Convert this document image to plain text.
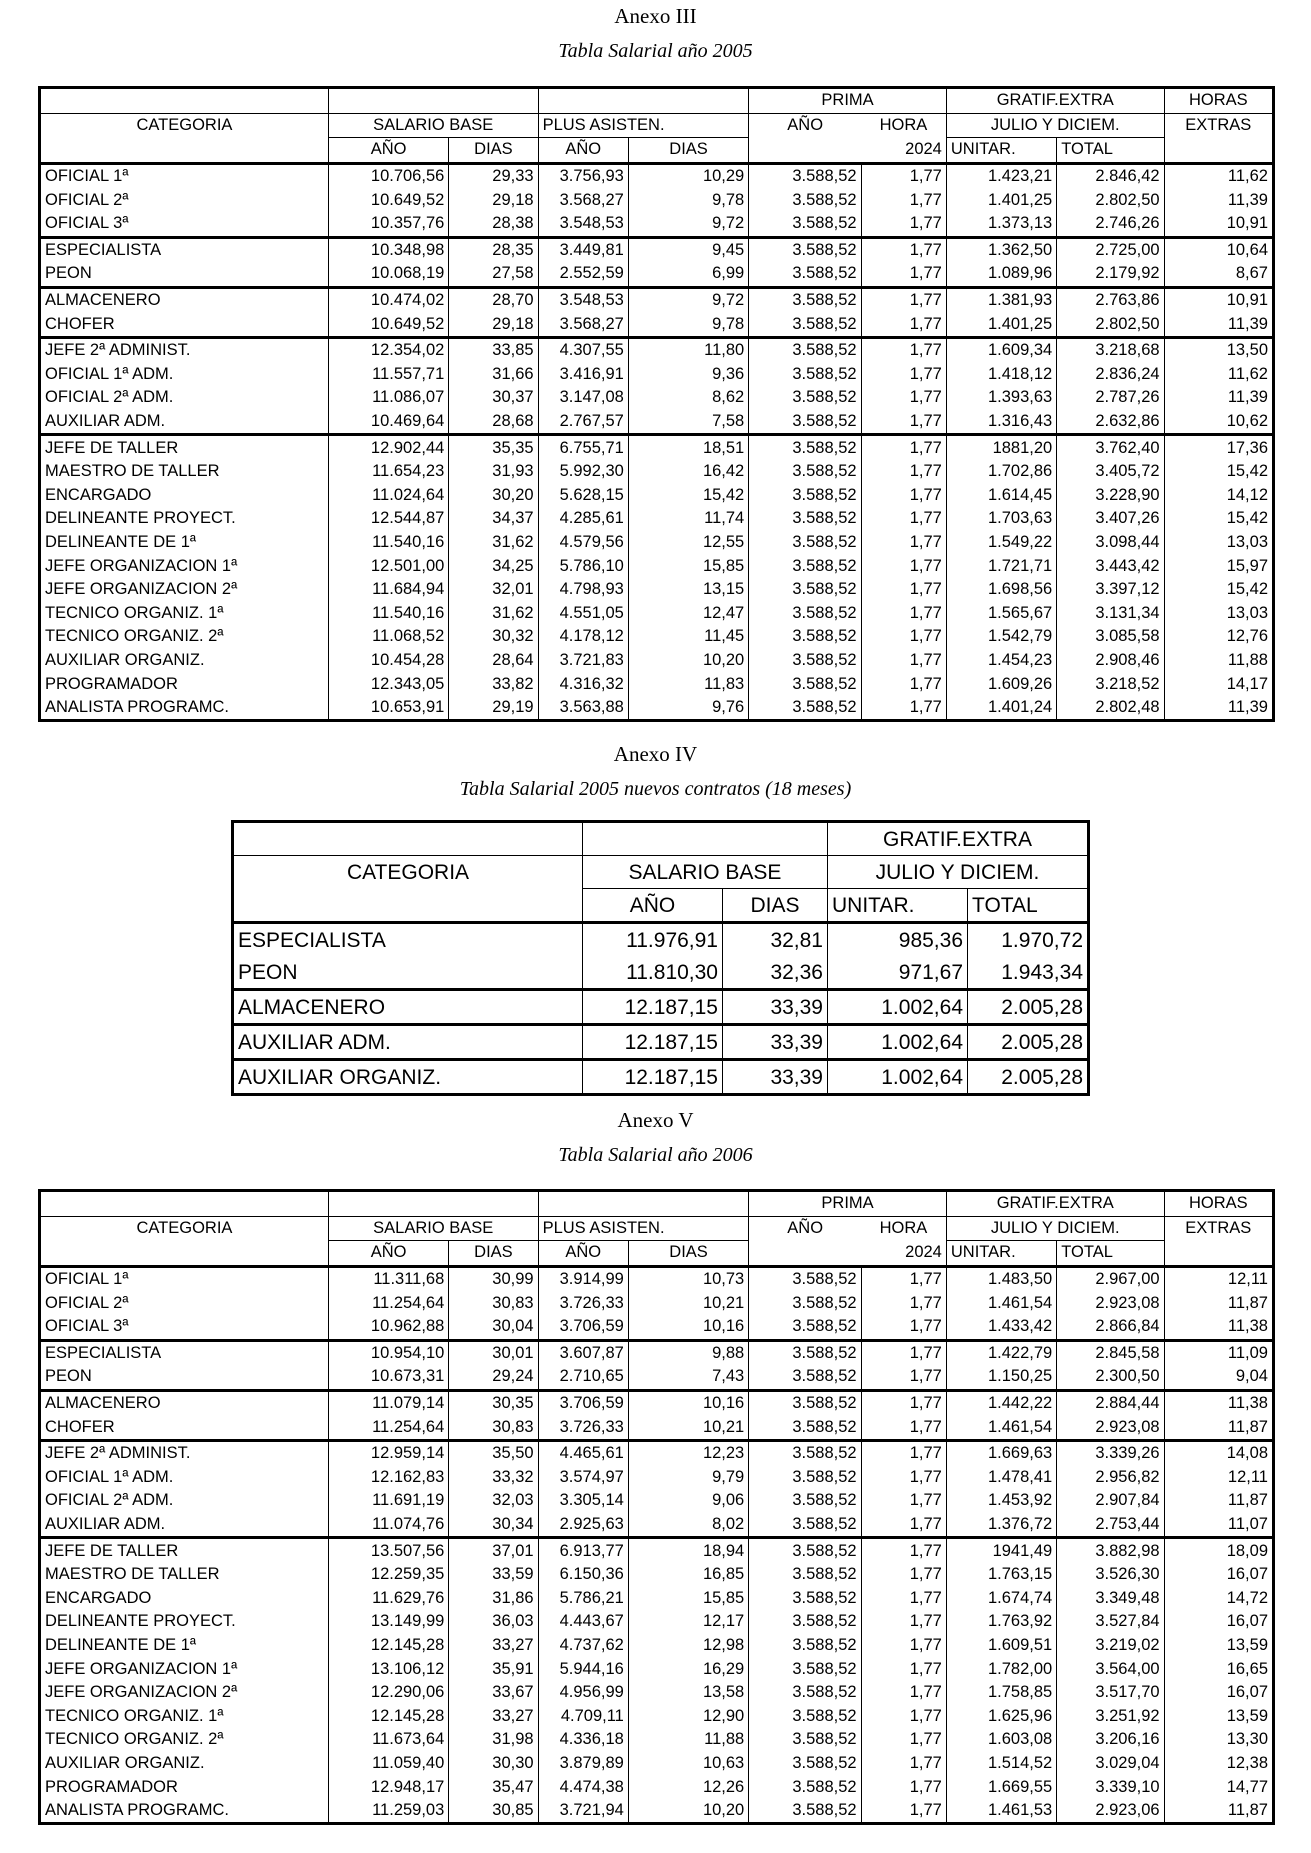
Anexo III
Tabla Salarial año 2005
					PRIMA		GRATIF.EXTRA		HORAS
CATEGORIA	SALARIO BASE		PLUS ASISTEN.		AÑO	HORA	JULIO Y DICIEM.		EXTRAS
	AÑO	DIAS	AÑO	DIAS		2024	UNITAR.	TOTAL	
OFICIAL 1ª	10.706,56	29,33	3.756,93	10,29	3.588,52	1,77	1.423,21	2.846,42	11,62
OFICIAL 2ª	10.649,52	29,18	3.568,27	9,78	3.588,52	1,77	1.401,25	2.802,50	11,39
OFICIAL 3ª	10.357,76	28,38	3.548,53	9,72	3.588,52	1,77	1.373,13	2.746,26	10,91
ESPECIALISTA	10.348,98	28,35	3.449,81	9,45	3.588,52	1,77	1.362,50	2.725,00	10,64
PEON	10.068,19	27,58	2.552,59	6,99	3.588,52	1,77	1.089,96	2.179,92	8,67
ALMACENERO	10.474,02	28,70	3.548,53	9,72	3.588,52	1,77	1.381,93	2.763,86	10,91
CHOFER	10.649,52	29,18	3.568,27	9,78	3.588,52	1,77	1.401,25	2.802,50	11,39
JEFE 2ª ADMINIST.	12.354,02	33,85	4.307,55	11,80	3.588,52	1,77	1.609,34	3.218,68	13,50
OFICIAL 1ª ADM.	11.557,71	31,66	3.416,91	9,36	3.588,52	1,77	1.418,12	2.836,24	11,62
OFICIAL 2ª ADM.	11.086,07	30,37	3.147,08	8,62	3.588,52	1,77	1.393,63	2.787,26	11,39
AUXILIAR ADM.	10.469,64	28,68	2.767,57	7,58	3.588,52	1,77	1.316,43	2.632,86	10,62
JEFE DE TALLER	12.902,44	35,35	6.755,71	18,51	3.588,52	1,77	1881,20	3.762,40	17,36
MAESTRO DE TALLER	11.654,23	31,93	5.992,30	16,42	3.588,52	1,77	1.702,86	3.405,72	15,42
ENCARGADO	11.024,64	30,20	5.628,15	15,42	3.588,52	1,77	1.614,45	3.228,90	14,12
DELINEANTE PROYECT.	12.544,87	34,37	4.285,61	11,74	3.588,52	1,77	1.703,63	3.407,26	15,42
DELINEANTE DE 1ª	11.540,16	31,62	4.579,56	12,55	3.588,52	1,77	1.549,22	3.098,44	13,03
JEFE ORGANIZACION 1ª	12.501,00	34,25	5.786,10	15,85	3.588,52	1,77	1.721,71	3.443,42	15,97
JEFE ORGANIZACION 2ª	11.684,94	32,01	4.798,93	13,15	3.588,52	1,77	1.698,56	3.397,12	15,42
TECNICO ORGANIZ. 1ª	11.540,16	31,62	4.551,05	12,47	3.588,52	1,77	1.565,67	3.131,34	13,03
TECNICO ORGANIZ. 2ª	11.068,52	30,32	4.178,12	11,45	3.588,52	1,77	1.542,79	3.085,58	12,76
AUXILIAR ORGANIZ.	10.454,28	28,64	3.721,83	10,20	3.588,52	1,77	1.454,23	2.908,46	11,88
PROGRAMADOR	12.343,05	33,82	4.316,32	11,83	3.588,52	1,77	1.609,26	3.218,52	14,17
ANALISTA PROGRAMC.	10.653,91	29,19	3.563,88	9,76	3.588,52	1,77	1.401,24	2.802,48	11,39
Anexo IV
Tabla Salarial 2005 nuevos contratos (18 meses)
			GRATIF.EXTRA	
CATEGORIA	SALARIO BASE		JULIO Y DICIEM.	
	AÑO	DIAS	UNITAR.	TOTAL
ESPECIALISTA	11.976,91	32,81	985,36	1.970,72
PEON	11.810,30	32,36	971,67	1.943,34
ALMACENERO	12.187,15	33,39	1.002,64	2.005,28
AUXILIAR ADM.	12.187,15	33,39	1.002,64	2.005,28
AUXILIAR ORGANIZ.	12.187,15	33,39	1.002,64	2.005,28
Anexo V
Tabla Salarial año 2006
					PRIMA		GRATIF.EXTRA		HORAS
CATEGORIA	SALARIO BASE		PLUS ASISTEN.		AÑO	HORA	JULIO Y DICIEM.		EXTRAS
	AÑO	DIAS	AÑO	DIAS		2024	UNITAR.	TOTAL	
OFICIAL 1ª	11.311,68	30,99	3.914,99	10,73	3.588,52	1,77	1.483,50	2.967,00	12,11
OFICIAL 2ª	11.254,64	30,83	3.726,33	10,21	3.588,52	1,77	1.461,54	2.923,08	11,87
OFICIAL 3ª	10.962,88	30,04	3.706,59	10,16	3.588,52	1,77	1.433,42	2.866,84	11,38
ESPECIALISTA	10.954,10	30,01	3.607,87	9,88	3.588,52	1,77	1.422,79	2.845,58	11,09
PEON	10.673,31	29,24	2.710,65	7,43	3.588,52	1,77	1.150,25	2.300,50	9,04
ALMACENERO	11.079,14	30,35	3.706,59	10,16	3.588,52	1,77	1.442,22	2.884,44	11,38
CHOFER	11.254,64	30,83	3.726,33	10,21	3.588,52	1,77	1.461,54	2.923,08	11,87
JEFE 2ª ADMINIST.	12.959,14	35,50	4.465,61	12,23	3.588,52	1,77	1.669,63	3.339,26	14,08
OFICIAL 1ª ADM.	12.162,83	33,32	3.574,97	9,79	3.588,52	1,77	1.478,41	2.956,82	12,11
OFICIAL 2ª ADM.	11.691,19	32,03	3.305,14	9,06	3.588,52	1,77	1.453,92	2.907,84	11,87
AUXILIAR ADM.	11.074,76	30,34	2.925,63	8,02	3.588,52	1,77	1.376,72	2.753,44	11,07
JEFE DE TALLER	13.507,56	37,01	6.913,77	18,94	3.588,52	1,77	1941,49	3.882,98	18,09
MAESTRO DE TALLER	12.259,35	33,59	6.150,36	16,85	3.588,52	1,77	1.763,15	3.526,30	16,07
ENCARGADO	11.629,76	31,86	5.786,21	15,85	3.588,52	1,77	1.674,74	3.349,48	14,72
DELINEANTE PROYECT.	13.149,99	36,03	4.443,67	12,17	3.588,52	1,77	1.763,92	3.527,84	16,07
DELINEANTE DE 1ª	12.145,28	33,27	4.737,62	12,98	3.588,52	1,77	1.609,51	3.219,02	13,59
JEFE ORGANIZACION 1ª	13.106,12	35,91	5.944,16	16,29	3.588,52	1,77	1.782,00	3.564,00	16,65
JEFE ORGANIZACION 2ª	12.290,06	33,67	4.956,99	13,58	3.588,52	1,77	1.758,85	3.517,70	16,07
TECNICO ORGANIZ. 1ª	12.145,28	33,27	4.709,11	12,90	3.588,52	1,77	1.625,96	3.251,92	13,59
TECNICO ORGANIZ. 2ª	11.673,64	31,98	4.336,18	11,88	3.588,52	1,77	1.603,08	3.206,16	13,30
AUXILIAR ORGANIZ.	11.059,40	30,30	3.879,89	10,63	3.588,52	1,77	1.514,52	3.029,04	12,38
PROGRAMADOR	12.948,17	35,47	4.474,38	12,26	3.588,52	1,77	1.669,55	3.339,10	14,77
ANALISTA PROGRAMC.	11.259,03	30,85	3.721,94	10,20	3.588,52	1,77	1.461,53	2.923,06	11,87
